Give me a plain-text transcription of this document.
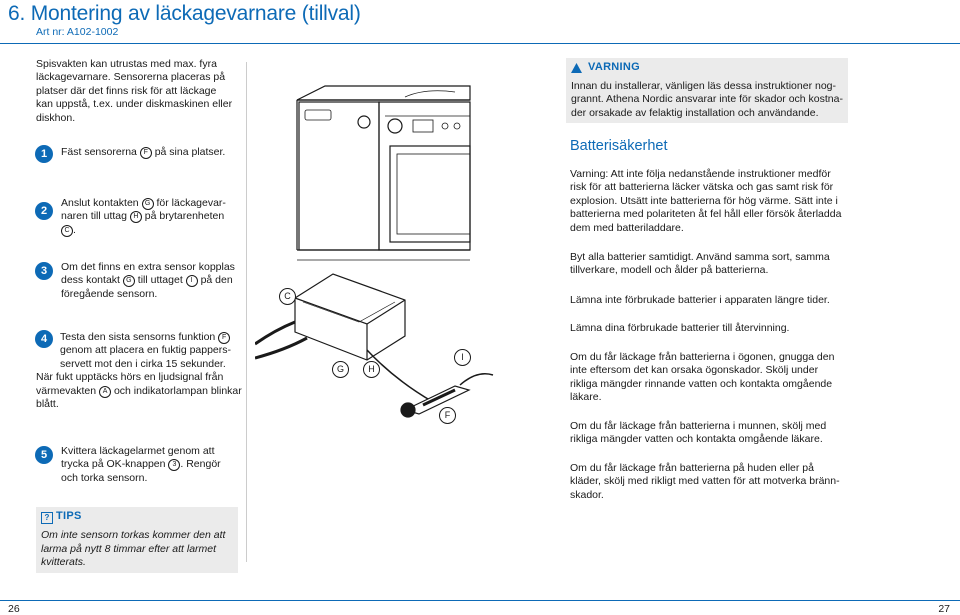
6. Montering av läckagevarnare (tillval)
Art nr: A102-1002
Spisvakten kan utrustas med max. fyra
läckagevarnare. Sensorerna placeras på
platser där det finns risk för att läckage
kan uppstå, t.ex. under diskmaskinen eller
diskhon.
1	Fäst sensorerna F på sina platser.
2
Anslut kontakten G för läckagevar-
naren till uttag H på brytarenheten
C .
3	Om det finns en extra sensor kopplas
dess kontakt G till uttaget I på den
föregående sensorn.
4	Testa den sista sensorns funktion F
genom att placera en fuktig pappers-
servett mot den i cirka 15 sekunder.
När fukt upptäcks hörs en ljudsignal från
värmevakten A och indikatorlampan blinkar
blått.
5	Kvittera läckagelarmet genom att
trycka på OK-knappen 3 . Rengör
och torka sensorn.
? TIPS
Om inte sensorn torkas kommer den att
larma på nytt 8 timmar efter att larmet
kvitterats.
C
G	H
I
F
VARNING
Innan du installerar, vänligen läs dessa instruktioner nog-
grannt. Athena Nordic ansvarar inte för skador och kostna-
der orsakade av felaktig installation och användande.
Batterisäkerhet
Varning: Att inte följa nedanstående instruktioner medför
risk för att batterierna läcker vätska och gas samt risk för
explosion. Utsätt inte batterierna för hög värme. Sätt inte i
batterierna med polariteten åt fel håll eller försök återladda
dem med batteriladdare.
Byt alla batterier samtidigt. Använd samma sort, samma
tillverkare, modell och ålder på batterierna.
Lämna inte förbrukade batterier i apparaten längre tider.
Lämna dina förbrukade batterier till återvinning.
Om du får läckage från batterierna i ögonen, gnugga den
inte eftersom det kan orsaka ögonskador. Skölj under
rikliga mängder rinnande vatten och kontakta omgående
läkare.
Om du får läckage från batterierna i munnen, skölj med
rikliga mängder vatten och kontakta omgående läkare.
Om du får läckage från batterierna på huden eller på
kläder, skölj med rikligt med vatten för att motverka bränn-
skador.
26	27
